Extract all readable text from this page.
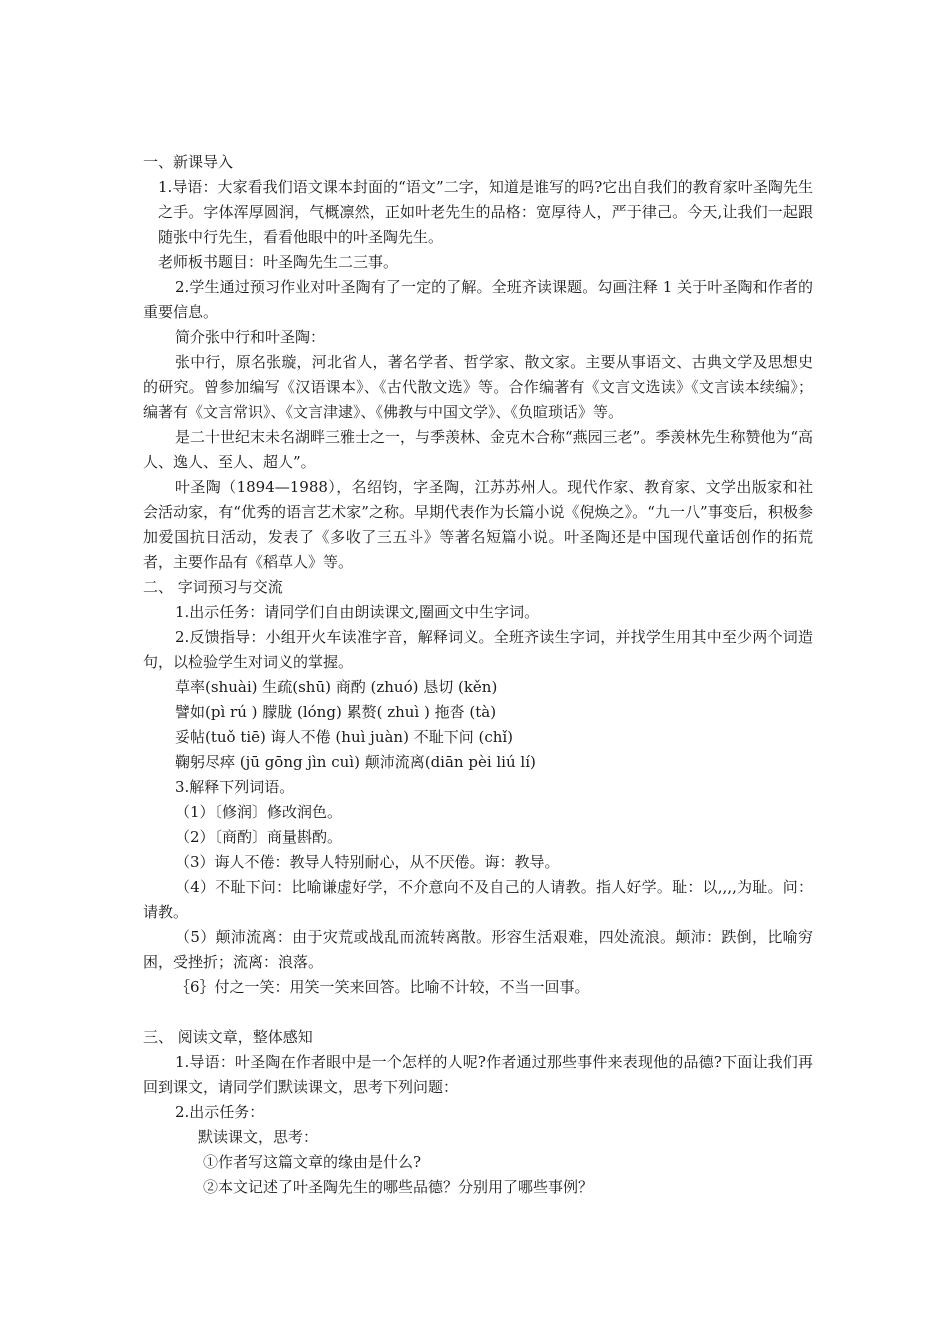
一、新课导入
1.导语：大家看我们语文课本封面的“语文”二字，知道是谁写的吗?它出自我们的教育家叶圣陶先生之手。字体浑厚圆润，气概凛然，正如叶老先生的品格：宽厚待人，严于律己。今天,让我们一起跟随张中行先生，看看他眼中的叶圣陶先生。
老师板书题目：叶圣陶先生二三事。
2.学生通过预习作业对叶圣陶有了一定的了解。全班齐读课题。勾画注释 1 关于叶圣陶和作者的重要信息。
简介张中行和叶圣陶：
张中行，原名张璇，河北省人，著名学者、哲学家、散文家。主要从事语文、古典文学及思想史的研究。曾参加编写《汉语课本》、《古代散文选》等。合作编著有《文言文选读》《文言读本续编》；编著有《文言常识》、《文言津逮》、《佛教与中国文学》、《负暄琐话》等。
是二十世纪末未名湖畔三雅士之一，与季羡林、金克木合称“燕园三老”。季羡林先生称赞他为“高人、逸人、至人、超人”。
叶圣陶（1894—1988），名绍钧，字圣陶，江苏苏州人。现代作家、教育家、文学出版家和社会活动家，有“优秀的语言艺术家”之称。早期代表作为长篇小说《倪焕之》。“九一八”事变后，积极参加爱国抗日活动，发表了《多收了三五斗》等著名短篇小说。叶圣陶还是中国现代童话创作的拓荒者，主要作品有《稻草人》等。
二、 字词预习与交流
1.出示任务：请同学们自由朗读课文,圈画文中生字词。
2.反馈指导：小组开火车读准字音，解释词义。全班齐读生字词，并找学生用其中至少两个词造句，以检验学生对词义的掌握。
草率(shuài) 生疏(shū) 商酌 (zhuó) 恳切 (kěn)
譬如(pì rú ) 朦胧 (lóng) 累赘( zhuì ) 拖沓 (tà)
妥帖(tuǒ tiē) 诲人不倦 (huì juàn) 不耻下问 (chǐ)
鞠躬尽瘁 (jū gōng jìn cuì) 颠沛流离(diān pèi liú lí)
3.解释下列词语。
（1）〔修润〕修改润色。
（2）〔商酌〕商量斟酌。
（3）诲人不倦：教导人特别耐心，从不厌倦。诲：教导。
（4）不耻下问：比喻谦虚好学，不介意向不及自己的人请教。指人好学。耻：以,,,,为耻。问：请教。
（5）颠沛流离：由于灾荒或战乱而流转离散。形容生活艰难，四处流浪。颠沛：跌倒，比喻穷困，受挫折；流离：浪落。
｛6｝付之一笑：用笑一笑来回答。比喻不计较，不当一回事。
三、 阅读文章，整体感知
1.导语：叶圣陶在作者眼中是一个怎样的人呢?作者通过那些事件来表现他的品德?下面让我们再回到课文，请同学们默读课文，思考下列问题：
2.出示任务：
默读课文，思考：
①作者写这篇文章的缘由是什么?
②本文记述了叶圣陶先生的哪些品德？分别用了哪些事例？
